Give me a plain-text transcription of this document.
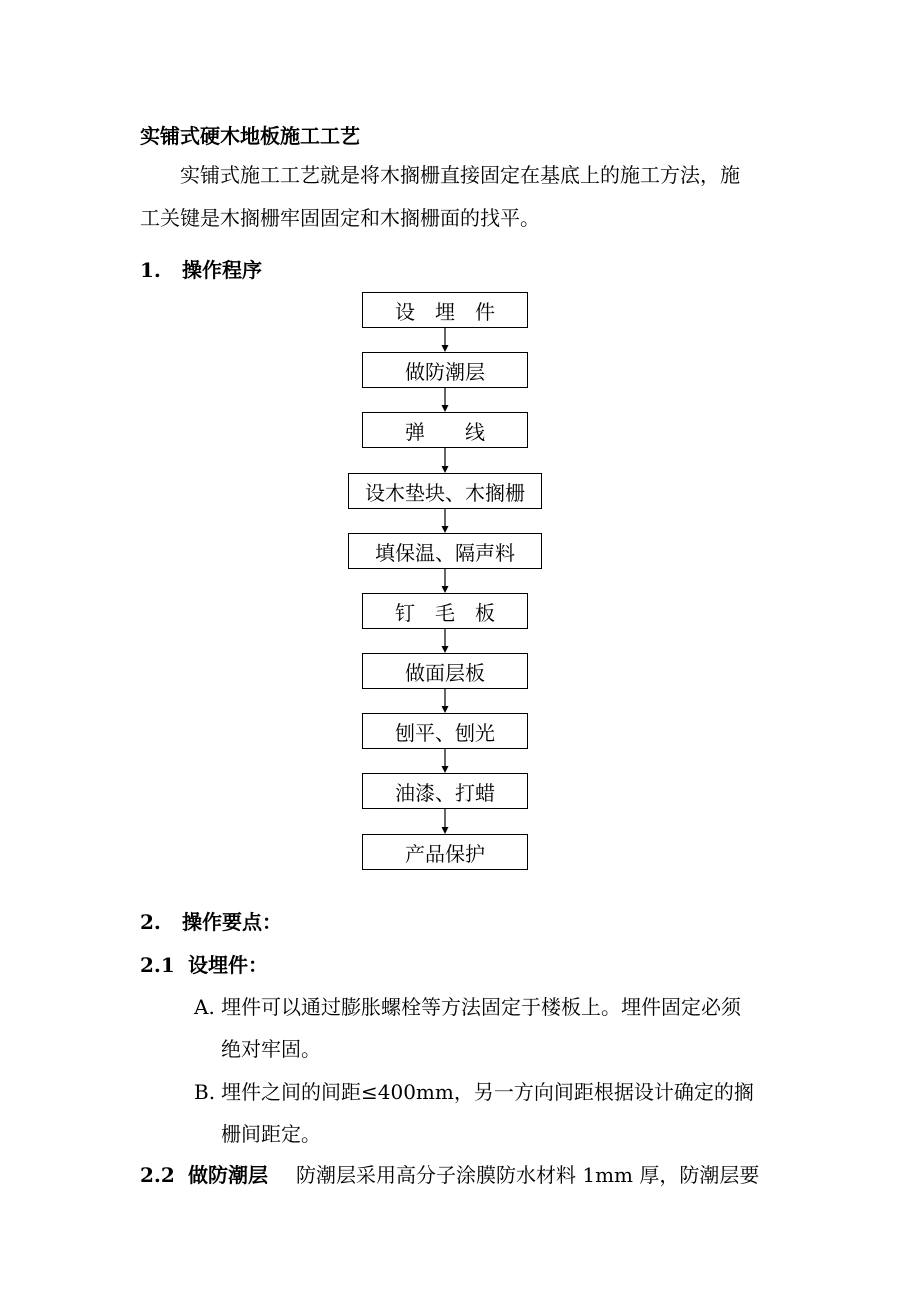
实铺式硬木地板施工工艺
实铺式施工工艺就是将木搁栅直接固定在基底上的施工方法，施
工关键是木搁栅牢固固定和木搁栅面的找平。
1. 操作程序
设　埋　件
做防潮层
弹　　线
设木垫块、木搁栅
填保温、隔声料
钉　毛　板
做面层板
刨平、刨光
油漆、打蜡
产品保护
2. 操作要点：
2.1 设埋件：
A. 埋件可以通过膨胀螺栓等方法固定于楼板上。埋件固定必须
绝对牢固。
B. 埋件之间的间距≤400mm，另一方向间距根据设计确定的搁
栅间距定。
2.2 做防潮层 防潮层采用高分子涂膜防水材料 1mm 厚，防潮层要
